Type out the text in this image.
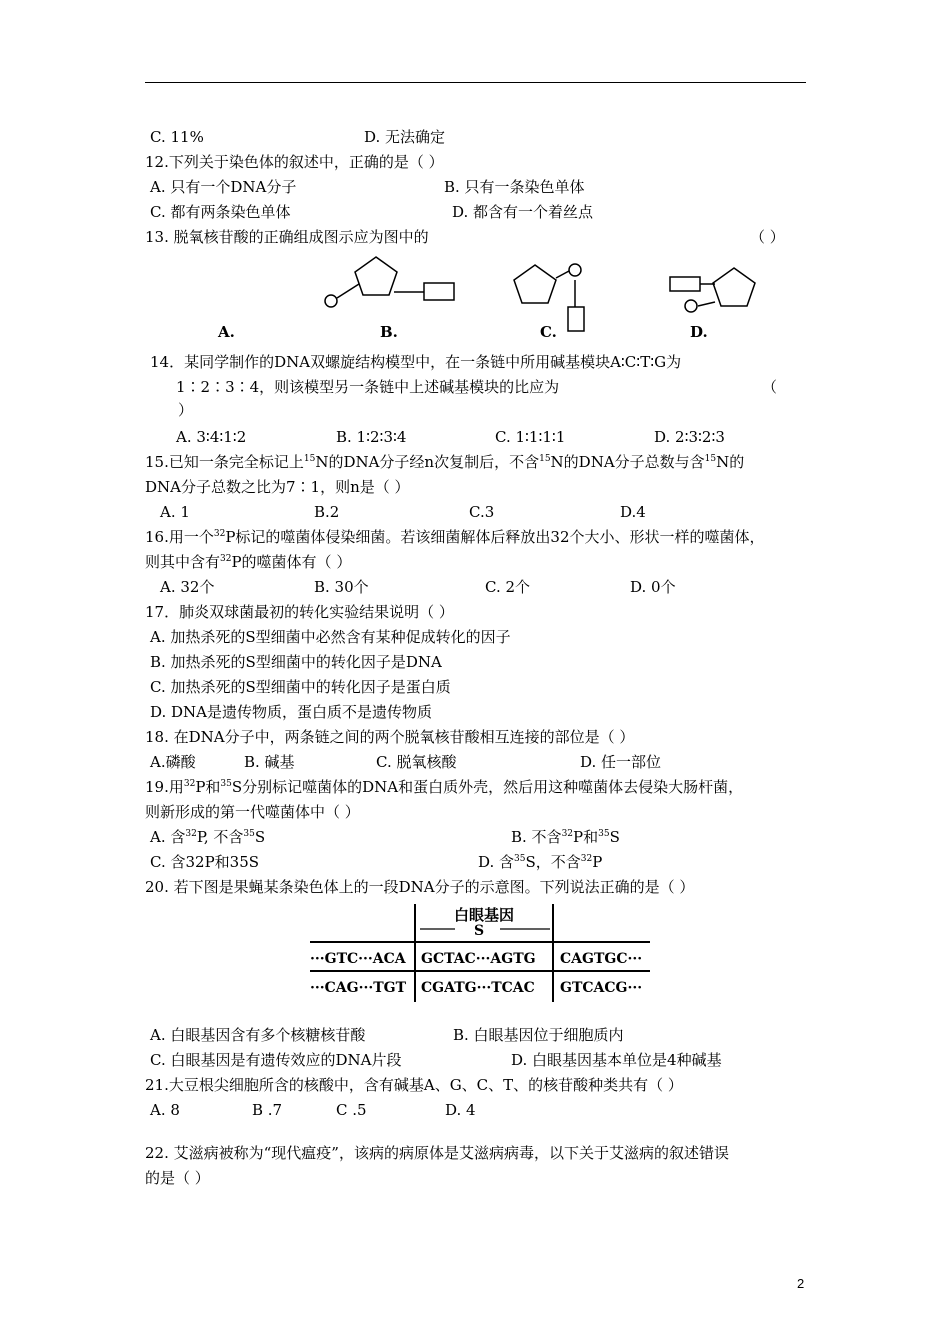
C. 11%	D. 无法确定
12.下列关于染色体的叙述中，正确的是（ ）
A. 只有一个DNA分子	B. 只有一条染色单体
C. 都有两条染色单体	D. 都含有一个着丝点
13. 脱氧核苷酸的正确组成图示应为图中的	（ ）
A.	B.	C.	D.
14．某同学制作的DNA双螺旋结构模型中，在一条链中所用碱基模块A∶C∶T∶G为
1∶2∶3∶4，则该模型另一条链中上述碱基模块的比应为	（
）
A. 3∶4∶1∶2	B. 1∶2∶3∶4	C. 1∶1∶1∶1	D. 2∶3∶2∶3
15.已知一条完全标记上$^{15}$N的DNA分子经n次复制后，不含$^{15}$N的DNA分子总数与含$^{15}$N的
DNA分子总数之比为7∶1，则n是（ ）
A. 1	B.2	C.3	D.4
16.用一个$^{32}$P标记的噬菌体侵染细菌。若该细菌解体后释放出32个大小、形状一样的噬菌体，
则其中含有$^{32}$P的噬菌体有（ ）
A. 32个	B. 30个	C. 2个	D. 0个
17．肺炎双球菌最初的转化实验结果说明（ ）
A. 加热杀死的S型细菌中必然含有某种促成转化的因子
B. 加热杀死的S型细菌中的转化因子是DNA
C. 加热杀死的S型细菌中的转化因子是蛋白质
D. DNA是遗传物质，蛋白质不是遗传物质
18. 在DNA分子中，两条链之间的两个脱氧核苷酸相互连接的部位是（ ）
A.磷酸	B. 碱基	C. 脱氧核酸	D. 任一部位
19.用$^{32}$P和$^{35}$S分别标记噬菌体的DNA和蛋白质外壳，然后用这种噬菌体去侵染大肠杆菌，
则新形成的第一代噬菌体中（ ）
A. 含$^{32}$P, 不含$^{35}$S	B. 不含$^{32}$P和$^{35}$S
C. 含32P和35S	D. 含$^{35}$S，不含$^{32}$P
20. 若下图是果蝇某条染色体上的一段DNA分子的示意图。下列说法正确的是（ ）
白眼基因
S
···GTC···ACA GCTAC···AGTG CAGTGC···
···CAG···TGT CGATG···TCAC GTCACG···
A. 白眼基因含有多个核糖核苷酸	B. 白眼基因位于细胞质内
C. 白眼基因是有遗传效应的DNA片段	D. 白眼基因基本单位是4种碱基
21.大豆根尖细胞所含的核酸中，含有碱基A、G、C、T、的核苷酸种类共有（ ）
A. 8	B .7	C .5	D. 4
22. 艾滋病被称为“现代瘟疫”，该病的病原体是艾滋病病毒，以下关于艾滋病的叙述错误
的是（ ）
2
